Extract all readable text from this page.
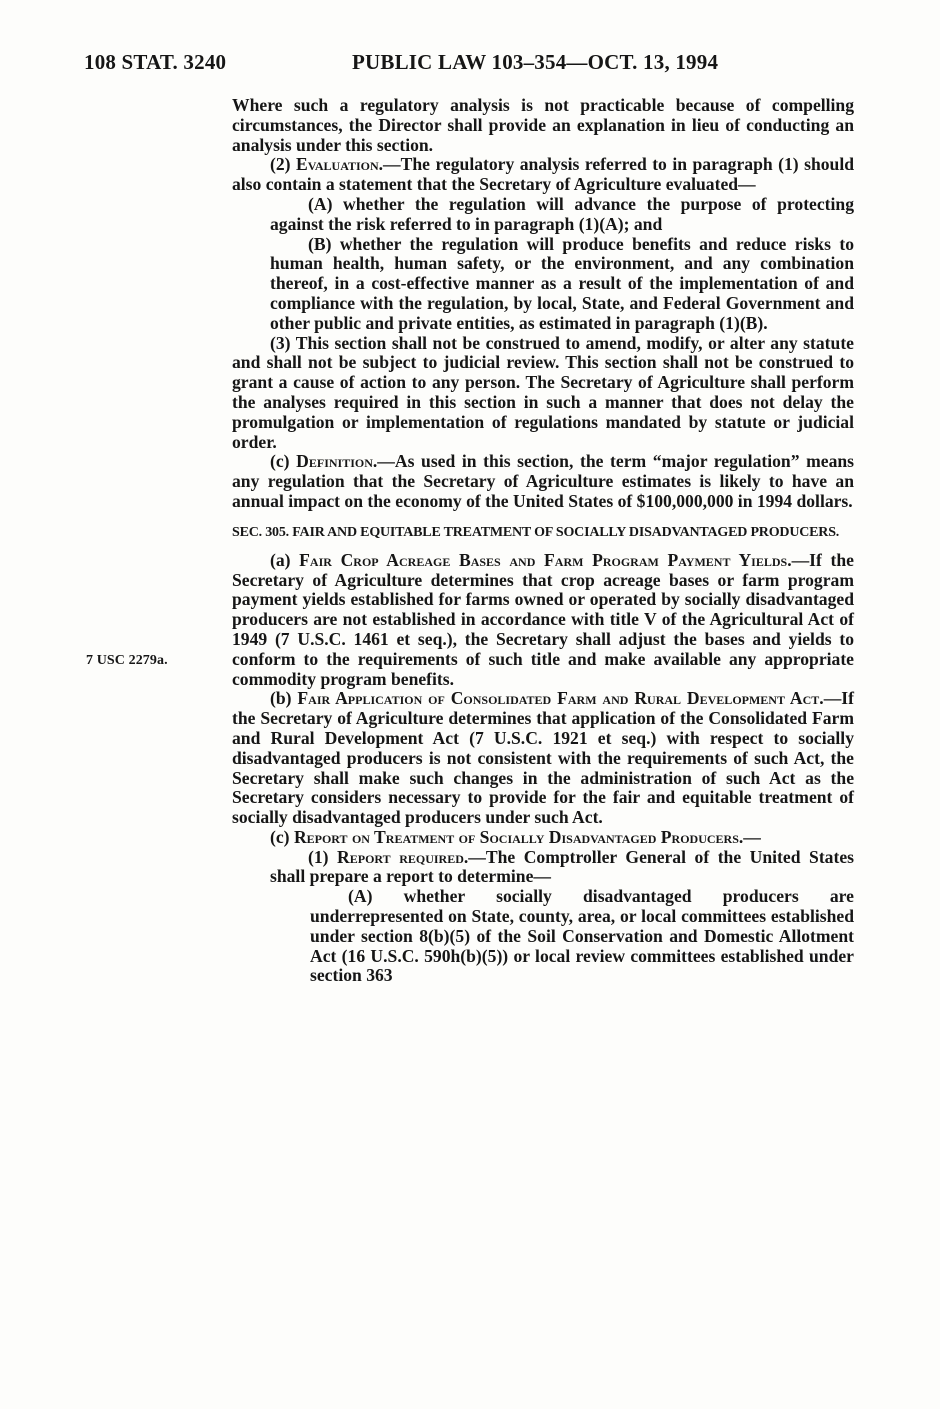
108 STAT. 3240	PUBLIC LAW 103–354—OCT. 13, 1994
7 USC 2279a.

Where such a regulatory analysis is not practicable because of compelling circumstances, the Director shall provide an explanation in lieu of conducting an analysis under this section.

(2) Evaluation.—The regulatory analysis referred to in paragraph (1) should also contain a statement that the Secretary of Agriculture evaluated—

(A) whether the regulation will advance the purpose of protecting against the risk referred to in paragraph (1)(A); and

(B) whether the regulation will produce benefits and reduce risks to human health, human safety, or the environment, and any combination thereof, in a cost-effective manner as a result of the implementation of and compliance with the regulation, by local, State, and Federal Government and other public and private entities, as estimated in paragraph (1)(B).

(3) This section shall not be construed to amend, modify, or alter any statute and shall not be subject to judicial review. This section shall not be construed to grant a cause of action to any person. The Secretary of Agriculture shall perform the analyses required in this section in such a manner that does not delay the promulgation or implementation of regulations mandated by statute or judicial order.

(c) Definition.—As used in this section, the term “major regulation” means any regulation that the Secretary of Agriculture estimates is likely to have an annual impact on the economy of the United States of $100,000,000 in 1994 dollars.

SEC. 305. FAIR AND EQUITABLE TREATMENT OF SOCIALLY DISADVANTAGED PRODUCERS.

(a) Fair Crop Acreage Bases and Farm Program Payment Yields.—If the Secretary of Agriculture determines that crop acreage bases or farm program payment yields established for farms owned or operated by socially disadvantaged producers are not established in accordance with title V of the Agricultural Act of 1949 (7 U.S.C. 1461 et seq.), the Secretary shall adjust the bases and yields to conform to the requirements of such title and make available any appropriate commodity program benefits.

(b) Fair Application of Consolidated Farm and Rural Development Act.—If the Secretary of Agriculture determines that application of the Consolidated Farm and Rural Development Act (7 U.S.C. 1921 et seq.) with respect to socially disadvantaged producers is not consistent with the requirements of such Act, the Secretary shall make such changes in the administration of such Act as the Secretary considers necessary to provide for the fair and equitable treatment of socially disadvantaged producers under such Act.

(c) Report on Treatment of Socially Disadvantaged Producers.—

(1) Report required.—The Comptroller General of the United States shall prepare a report to determine—

(A) whether socially disadvantaged producers are underrepresented on State, county, area, or local committees established under section 8(b)(5) of the Soil Conservation and Domestic Allotment Act (16 U.S.C. 590h(b)(5)) or local review committees established under section 363
